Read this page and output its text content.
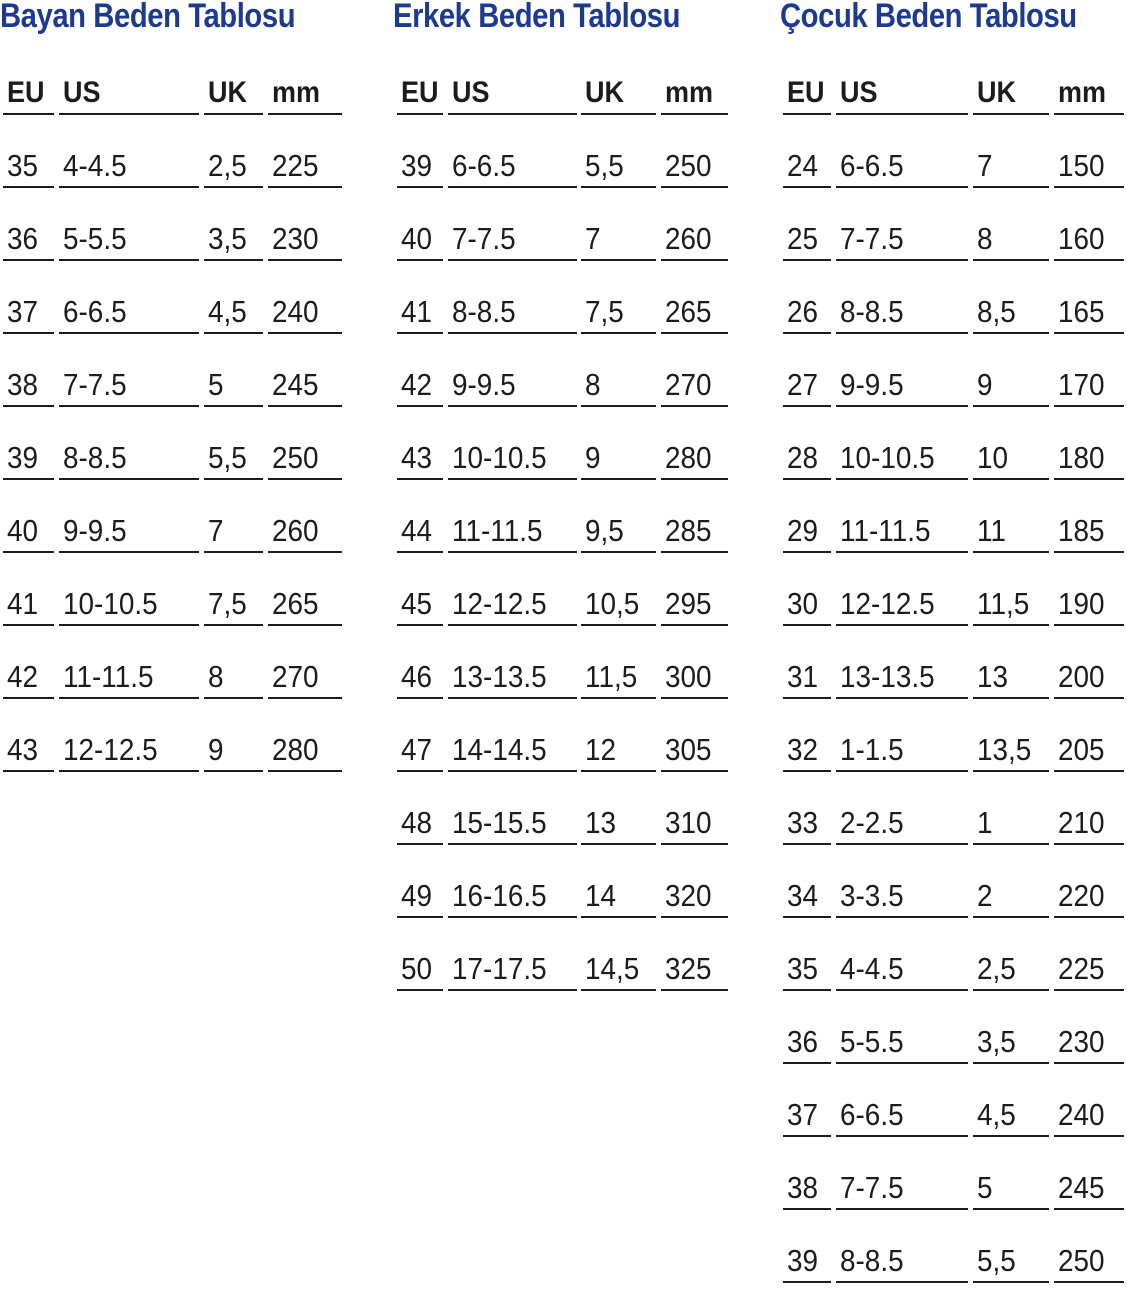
Bayan Beden Tablosu
EU US	UK mm
35 4-4.5	2,5 225
36 5-5.5	3,5 230
37 6-6.5	4,5 240
38 7-7.5	5 245
39 8-8.5	5,5 250
40 9-9.5	7 260
41 10-10.5 7,5 265
42 11-11.5 8 270
43 12-12.5 9 280
Erkek Beden Tablosu
EU US	UK mm
39 6-6.5 5,5 250
40 7-7.5 7 260
41 8-8.5 7,5 265
42 9-9.5 8 270
43 10-10.5 9 280
44 11-11.5 9,5 285
45 12-12.5 10,5 295
46 13-13.5 11,5 300
47 14-14.5 12 305
48 15-15.5 13 310
49 16-16.5 14 320
50 17-17.5 14,5 325
Çocuk Beden Tablosu
EU US	UK mm
24 6-6.5 7 150
25 7-7.5 8 160
26 8-8.5 8,5 165
27 9-9.5 9 170
28 10-10.5 10 180
29 11-11.5 11 185
30 12-12.5 11,5 190
31 13-13.5 13 200
32 1-1.5 13,5 205
33 2-2.5 1 210
34 3-3.5 2 220
35 4-4.5 2,5 225
36 5-5.5 3,5 230
37 6-6.5 4,5 240
38 7-7.5 5 245
39 8-8.5 5,5 250
